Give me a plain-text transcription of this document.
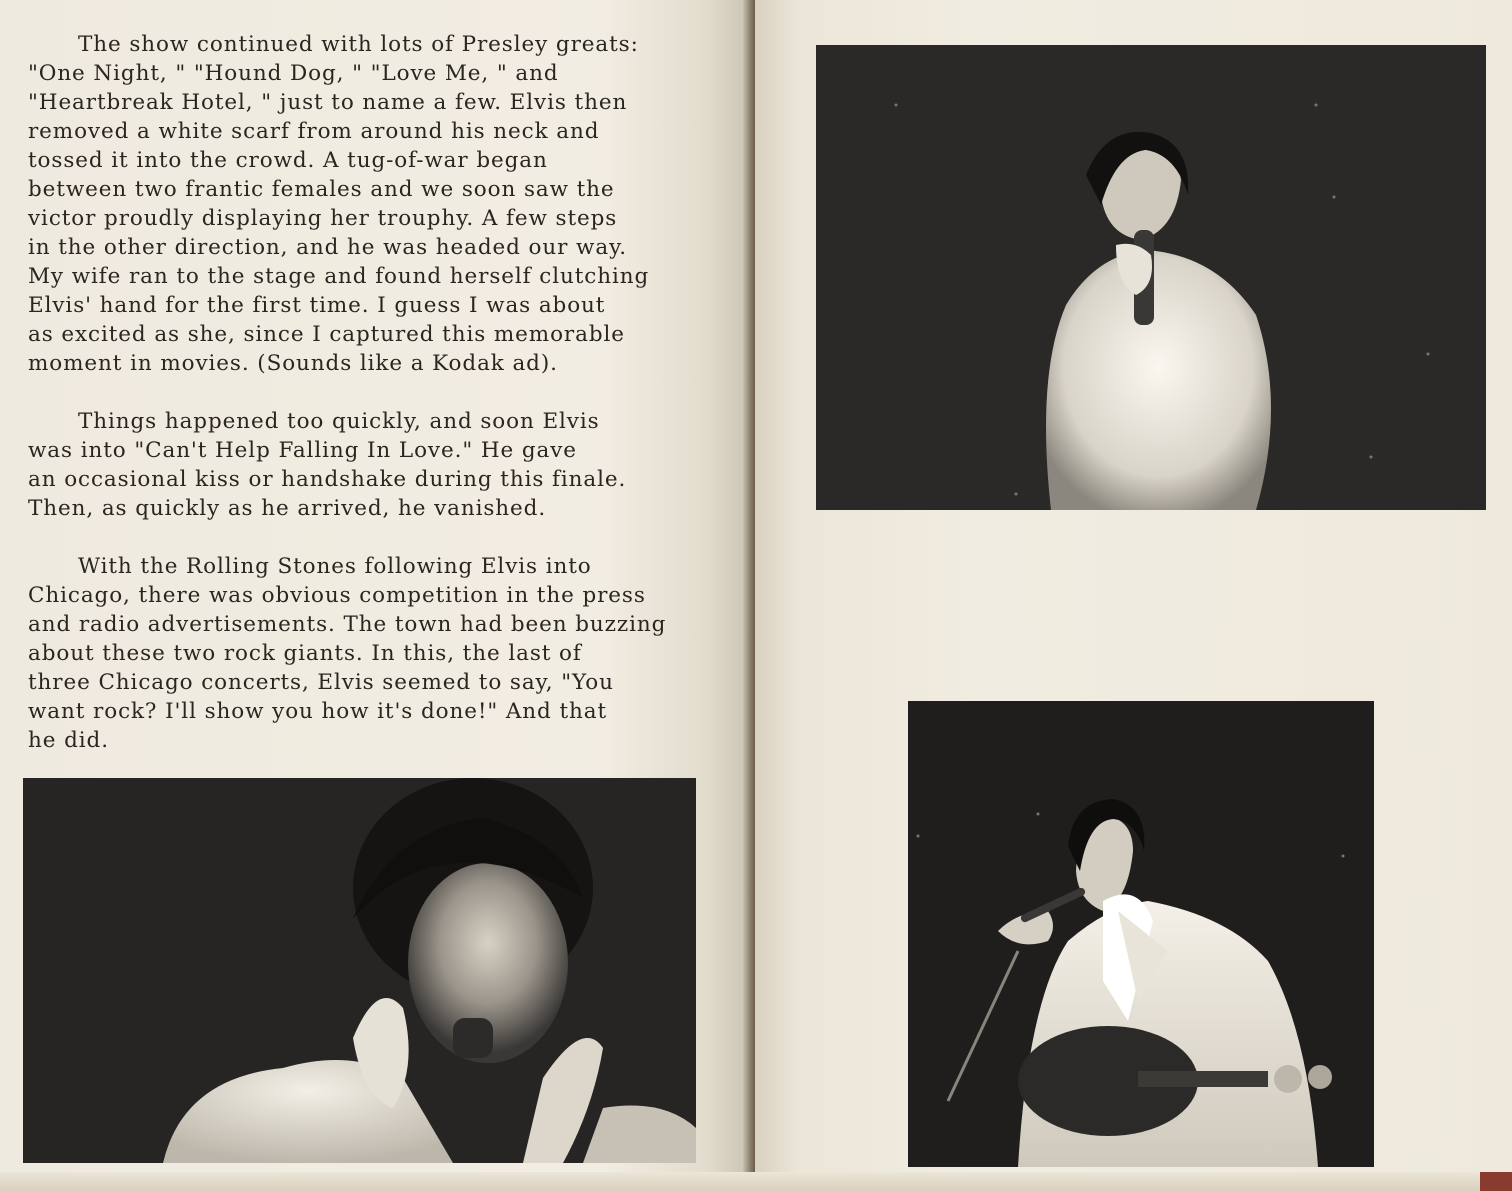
The show continued with lots of Presley greats:
"One Night, " "Hound Dog, " "Love Me, " and
"Heartbreak Hotel, " just to name a few. Elvis then
removed a white scarf from around his neck and
tossed it into the crowd. A tug-of-war began
between two frantic females and we soon saw the
victor proudly displaying her trouphy. A few steps
in the other direction, and he was headed our way.
My wife ran to the stage and found herself clutching
Elvis' hand for the first time. I guess I was about
as excited as she, since I captured this memorable
moment in movies. (Sounds like a Kodak ad).

Things happened too quickly, and soon Elvis
was into "Can't Help Falling In Love." He gave
an occasional kiss or handshake during this finale.
Then, as quickly as he arrived, he vanished.

With the Rolling Stones following Elvis into
Chicago, there was obvious competition in the press
and radio advertisements. The town had been buzzing
about these two rock giants. In this, the last of
three Chicago concerts, Elvis seemed to say, "You
want rock? I'll show you how it's done!" And that
he did.
